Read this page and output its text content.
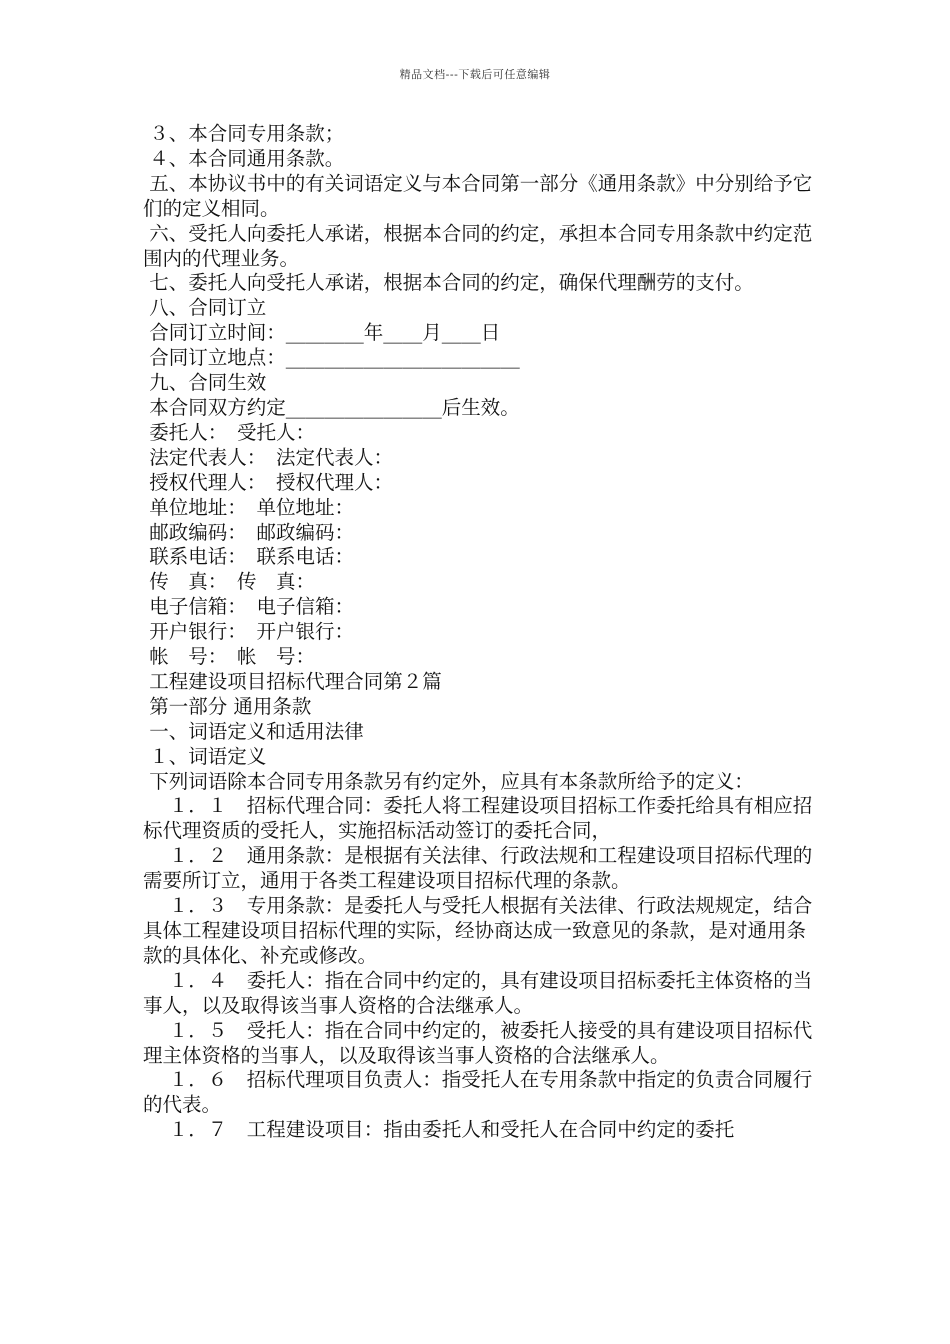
精品文档---下载后可任意编辑

３、本合同专用条款；

４、本合同通用条款。

五、本协议书中的有关词语定义与本合同第一部分《通用条款》中分别给予它们的定义相同。

六、受托人向委托人承诺，根据本合同的约定，承担本合同专用条款中约定范围内的代理业务。

七、委托人向受托人承诺，根据本合同的约定，确保代理酬劳的支付。

八、合同订立

合同订立时间：________年____月____日

合同订立地点：________________________

九、合同生效

本合同双方约定________________后生效。

委托人：　受托人：

法定代表人：　法定代表人：

授权代理人：　授权代理人：

单位地址：　单位地址：

邮政编码：　邮政编码：

联系电话：　联系电话：

传　真：　传　真：

电子信箱：　电子信箱：

开户银行：　开户银行：

帐　号：　帐　号：

工程建设项目招标代理合同第２篇

第一部分 通用条款

一、词语定义和适用法律

１、词语定义

下列词语除本合同专用条款另有约定外，应具有本条款所给予的定义：

　１．１　招标代理合同：委托人将工程建设项目招标工作委托给具有相应招标代理资质的受托人，实施招标活动签订的委托合同，

　１．２　通用条款：是根据有关法律、行政法规和工程建设项目招标代理的需要所订立，通用于各类工程建设项目招标代理的条款。

　１．３　专用条款：是委托人与受托人根据有关法律、行政法规规定，结合具体工程建设项目招标代理的实际，经协商达成一致意见的条款，是对通用条款的具体化、补充或修改。

　１．４　委托人：指在合同中约定的，具有建设项目招标委托主体资格的当事人，以及取得该当事人资格的合法继承人。

　１．５　受托人：指在合同中约定的，被委托人接受的具有建设项目招标代理主体资格的当事人，以及取得该当事人资格的合法继承人。

　１．６　招标代理项目负责人：指受托人在专用条款中指定的负责合同履行的代表。

　１．７　工程建设项目：指由委托人和受托人在合同中约定的委托
